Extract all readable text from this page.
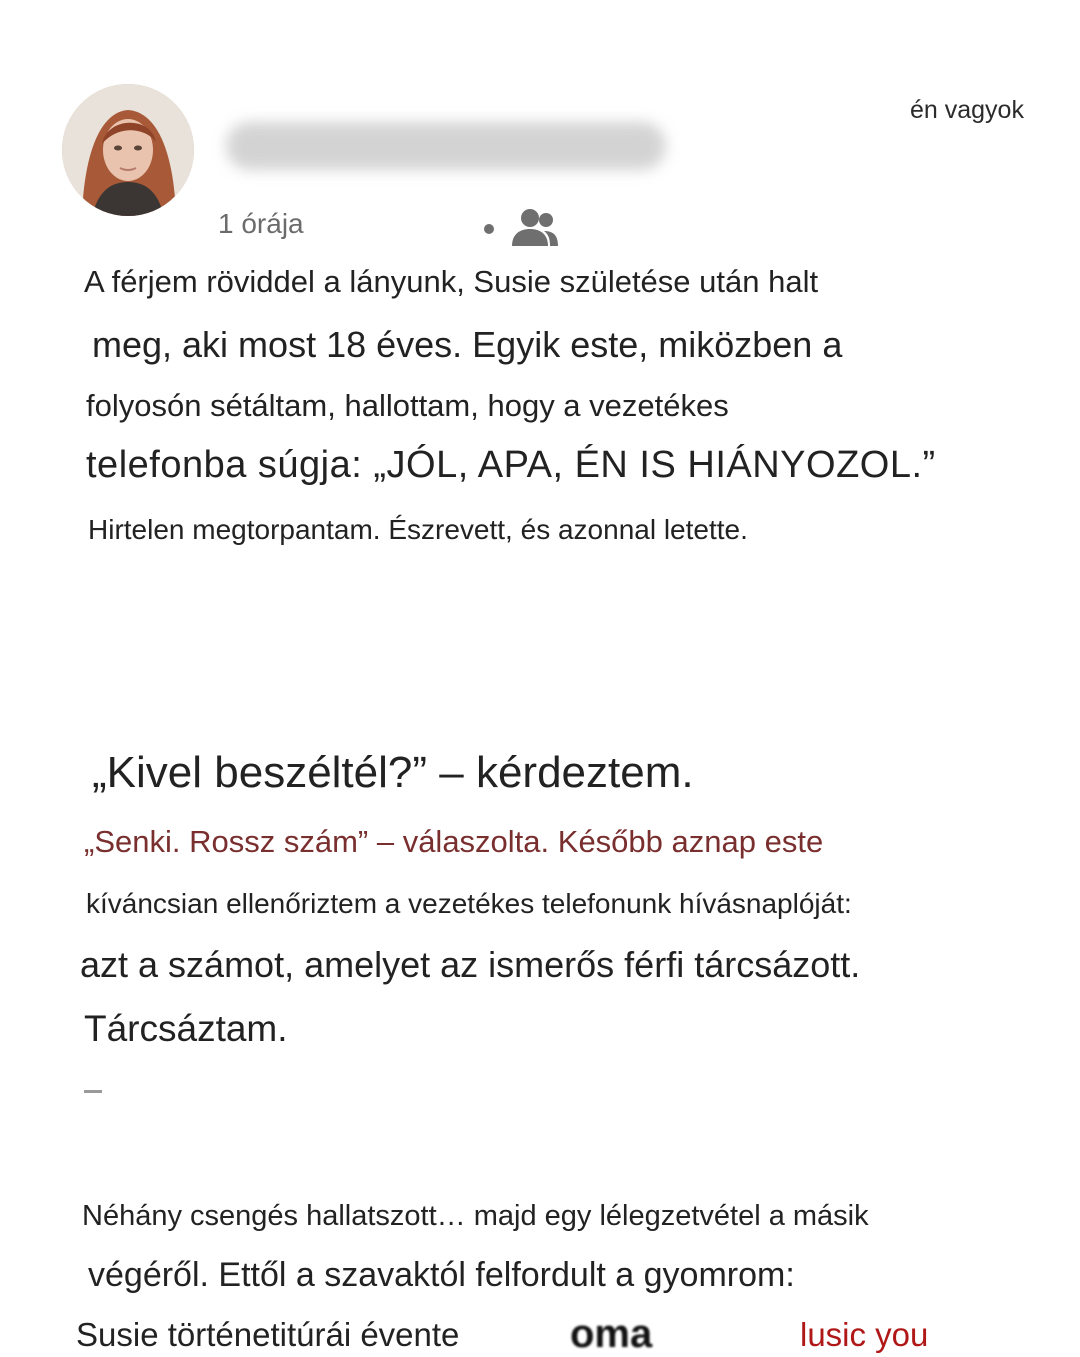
én vagyok
1 órája
A férjem röviddel a lányunk, Susie születése után halt
meg, aki most 18 éves. Egyik este, miközben a
folyosón sétáltam, hallottam, hogy a vezetékes
telefonba súgja: „JÓL, APA, ÉN IS HIÁNYOZOL.”
Hirtelen megtorpantam. Észrevett, és azonnal letette.
„Kivel beszéltél?” – kérdeztem.
„Senki. Rossz szám” – válaszolta. Később aznap este
kíváncsian ellenőriztem a vezetékes telefonunk hívásnaplóját:
azt a számot, amelyet az ismerős férfi tárcsázott.
Tárcsáztam.
Néhány csengés hallatszott… majd egy lélegzetvétel a másik
végéről. Ettől a szavaktól felfordult a gyomrom:
Susie történetitúrái évente	oma	lusic you
